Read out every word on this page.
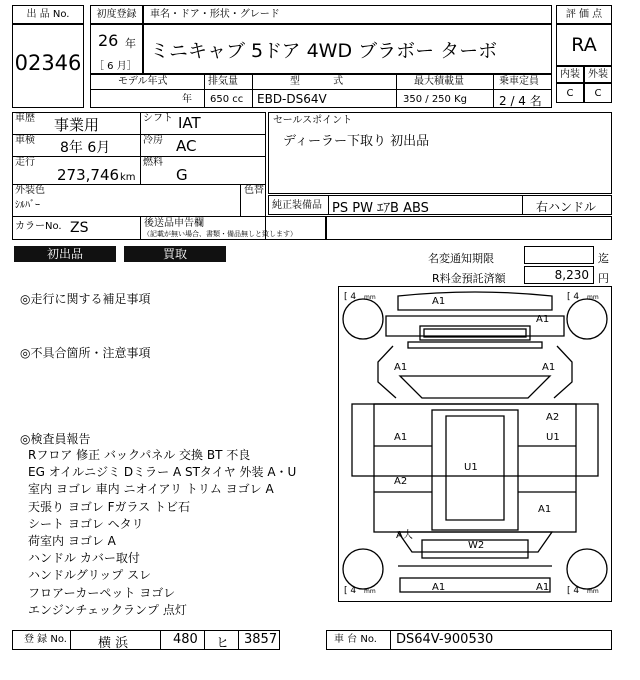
出 品 No.
02346
初度登録
26 年
［ 6 月］
車名・ドア・形状・グレード
ミニキャブ 5ドア 4WD ブラボー ターボ
評 価 点
RA
内装 外装
C	C
モデル年式	排気量	型 式	最大積載量	乗車定員
年 650 cc EBD-DS64V	350 / 250 Kg	2 / 4 名
車歴 事業用	シフト IAT
車検 8年 6月	冷房 AC
走行
273,746 km
燃料
G
外装色
ｼﾙﾊﾞｰ
色替
カラーNo. ZS	後送品申告欄
（記載が無い場合、書類・備品無しと致します）
セールスポイント
ディーラー下取り 初出品
純正装備品 PS PW ｴｱB ABS	右ハンドル
初出品	買取	名変通知期限	迄
R料金預託済額	8,230 円
◎走行に関する補足事項
◎不具合箇所・注意事項
◎検査員報告
Rフロア 修正 バックパネル 交換 BT 不良
EG オイルニジミ Dミラー A STタイヤ 外装 A・U
室内 ヨゴレ 車内 ニオイアリ トリム ヨゴレ A
天張り ヨゴレ Fガラス トビ石
シート ヨゴレ ヘタリ
荷室内 ヨゴレ A
ハンドル カバー取付
ハンドルグリップ スレ
フロアーカーペット ヨゴレ
エンジンチェックランプ 点灯
[ 4 mm	[ 4 mm
[ 4 mm	[ 4 mm
A1
A1
A1	A1
A2
U1
A1
U1
A2
A1
A大
W2
A1	A1
登 録 No. 横 浜	480 ヒ 3857	車 台 No. DS64V-900530
